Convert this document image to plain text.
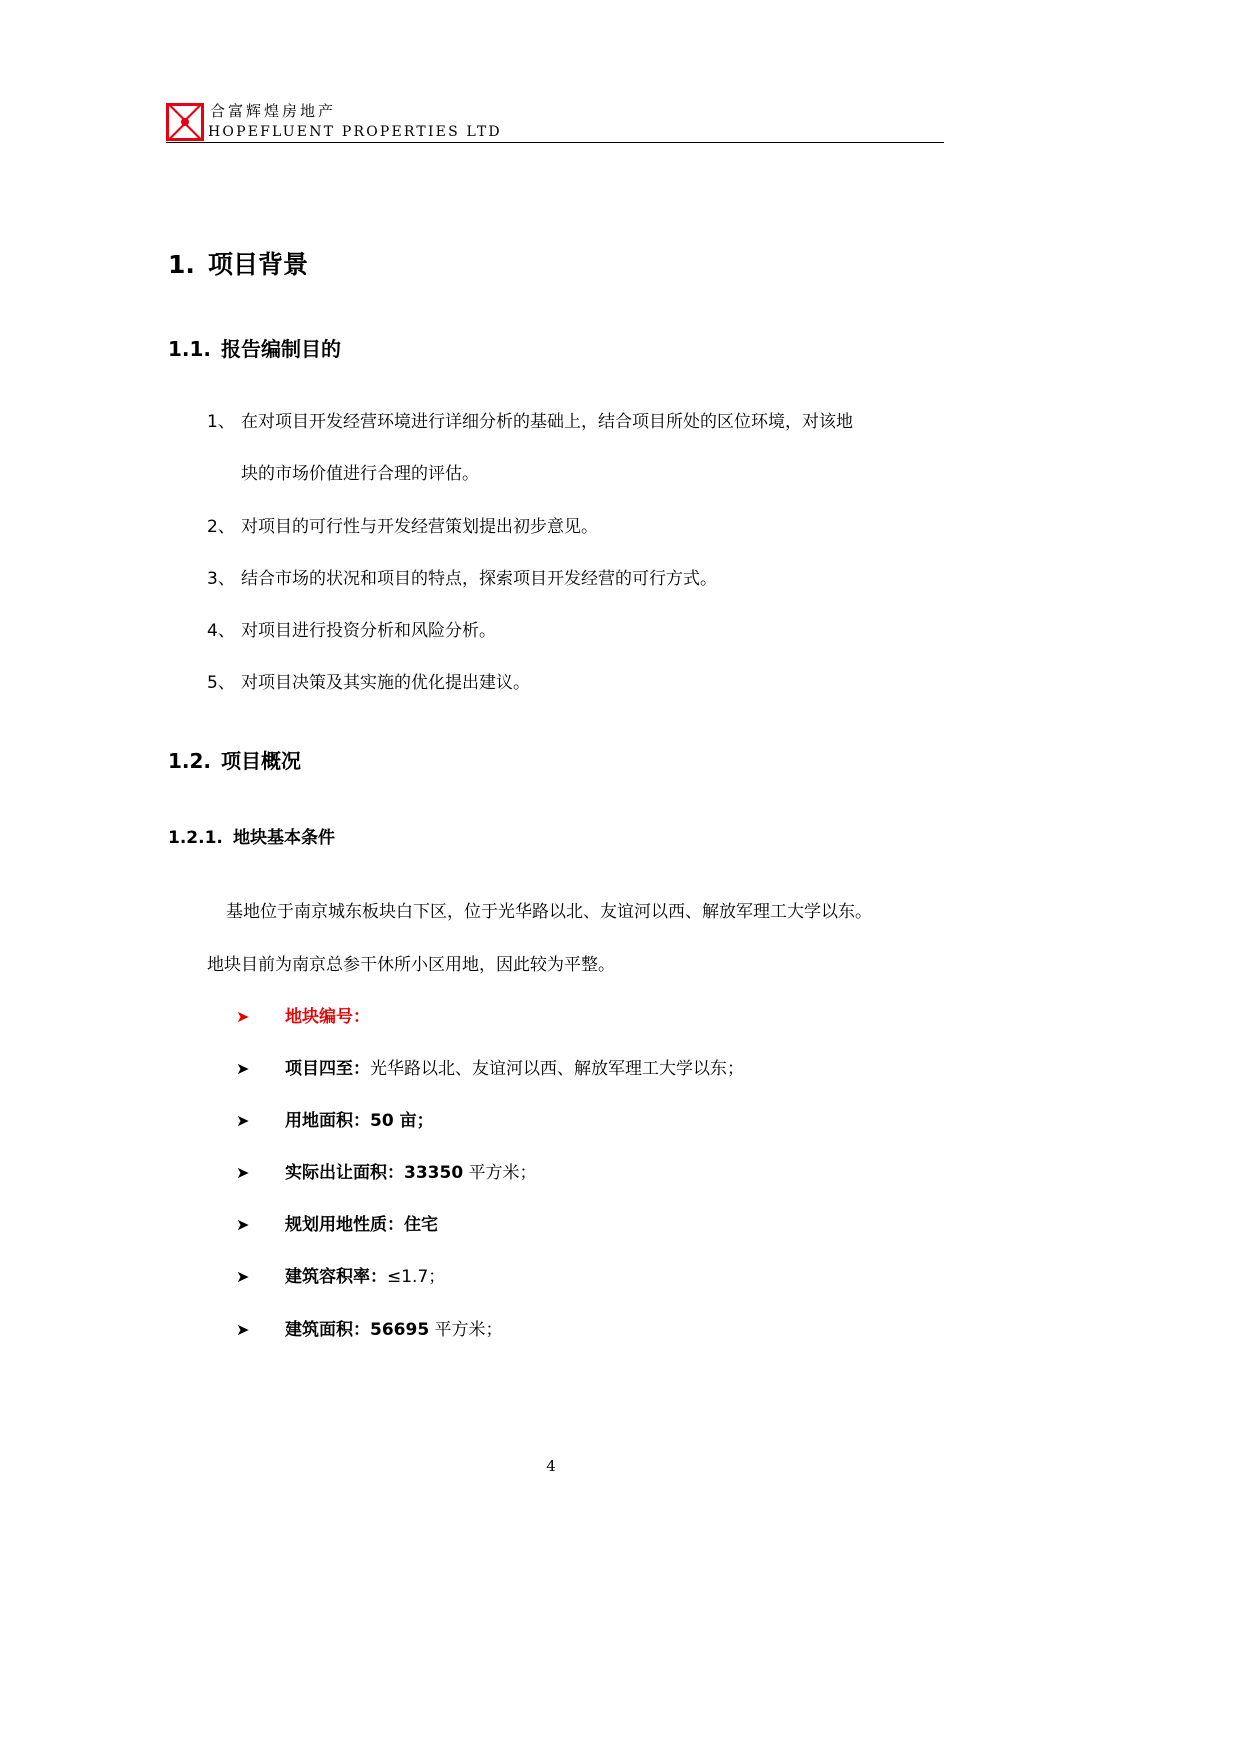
合富辉煌房地产
HOPEFLUENT PROPERTIES LTD
1. 项目背景
1.1. 报告编制目的
1、 在对项目开发经营环境进行详细分析的基础上，结合项目所处的区位环境，对该地
块的市场价值进行合理的评估。
2、 对项目的可行性与开发经营策划提出初步意见。
3、 结合市场的状况和项目的特点，探索项目开发经营的可行方式。
4、 对项目进行投资分析和风险分析。
5、 对项目决策及其实施的优化提出建议。
1.2. 项目概况
1.2.1. 地块基本条件
基地位于南京城东板块白下区，位于光华路以北、友谊河以西、解放军理工大学以东。
地块目前为南京总参干休所小区用地，因此较为平整。
➤ 地块编号：
➤ 项目四至：光华路以北、友谊河以西、解放军理工大学以东；
➤ 用地面积：50 亩；
➤ 实际出让面积：33350 平方米；
➤ 规划用地性质：住宅
➤ 建筑容积率：≤1.7；
➤ 建筑面积：56695 平方米；
4
